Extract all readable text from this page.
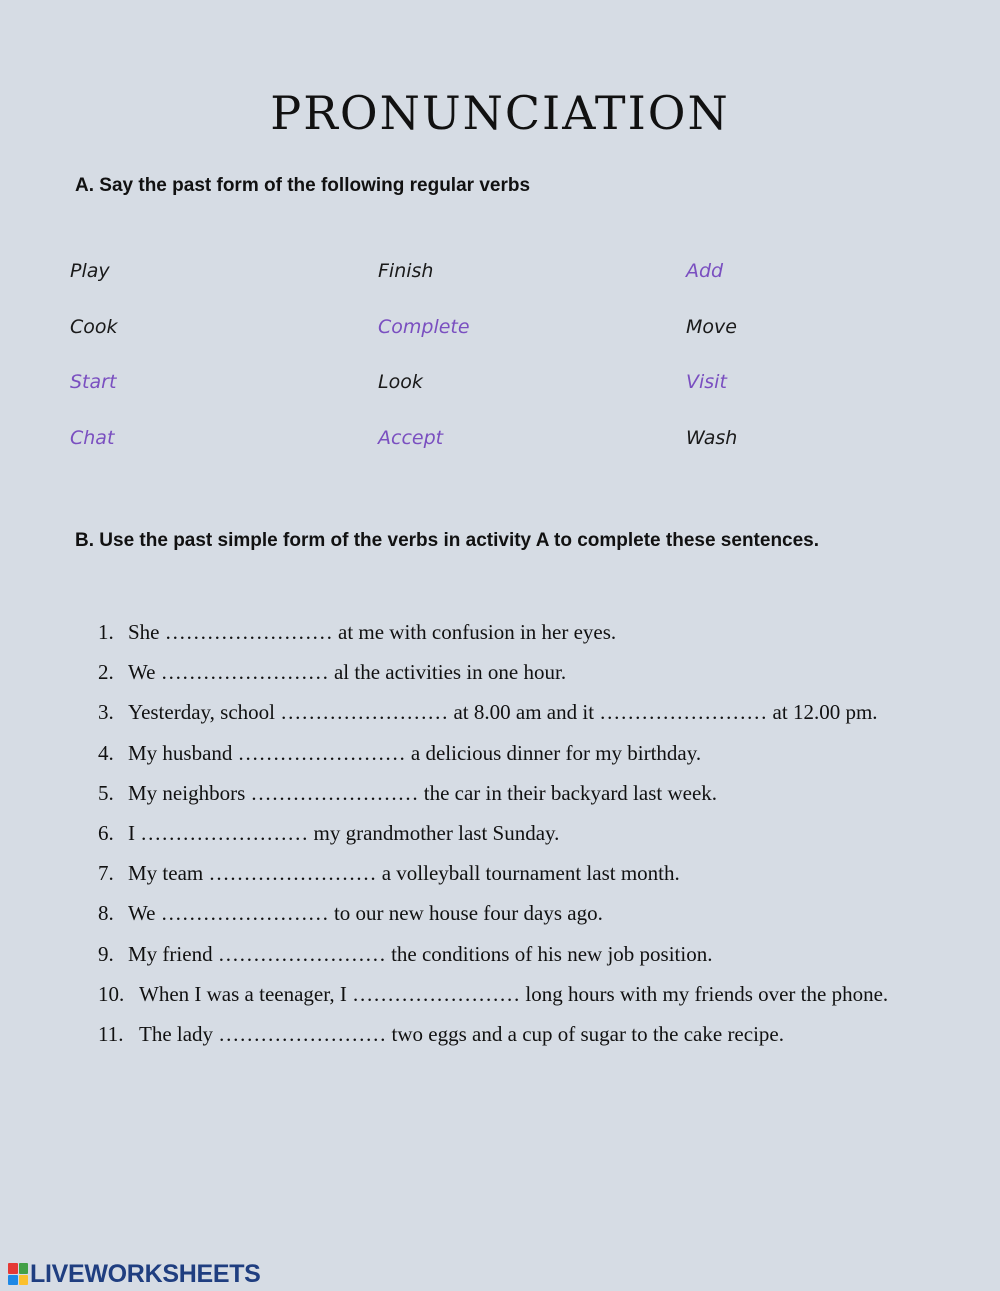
PRONUNCIATION
A. Say the past form of the following regular verbs
Play	Finish	Add
Cook	Complete	Move
Start	Look	Visit
Chat	Accept	Wash
B. Use the past simple form of the verbs in activity A to complete these sentences.
1. She …………………… at me with confusion in her eyes.
2. We …………………… al the activities in one hour.
3. Yesterday, school …………………… at 8.00 am and it …………………… at 12.00 pm.
4. My husband …………………… a delicious dinner for my birthday.
5. My neighbors …………………… the car in their backyard last week.
6. I …………………… my grandmother last Sunday.
7. My team …………………… a volleyball tournament last month.
8. We …………………… to our new house four days ago.
9. My friend …………………… the conditions of his new job position.
10. When I was a teenager, I …………………… long hours with my friends over the phone.
11. The lady …………………… two eggs and a cup of sugar to the cake recipe.
LIVEWORKSHEETS
